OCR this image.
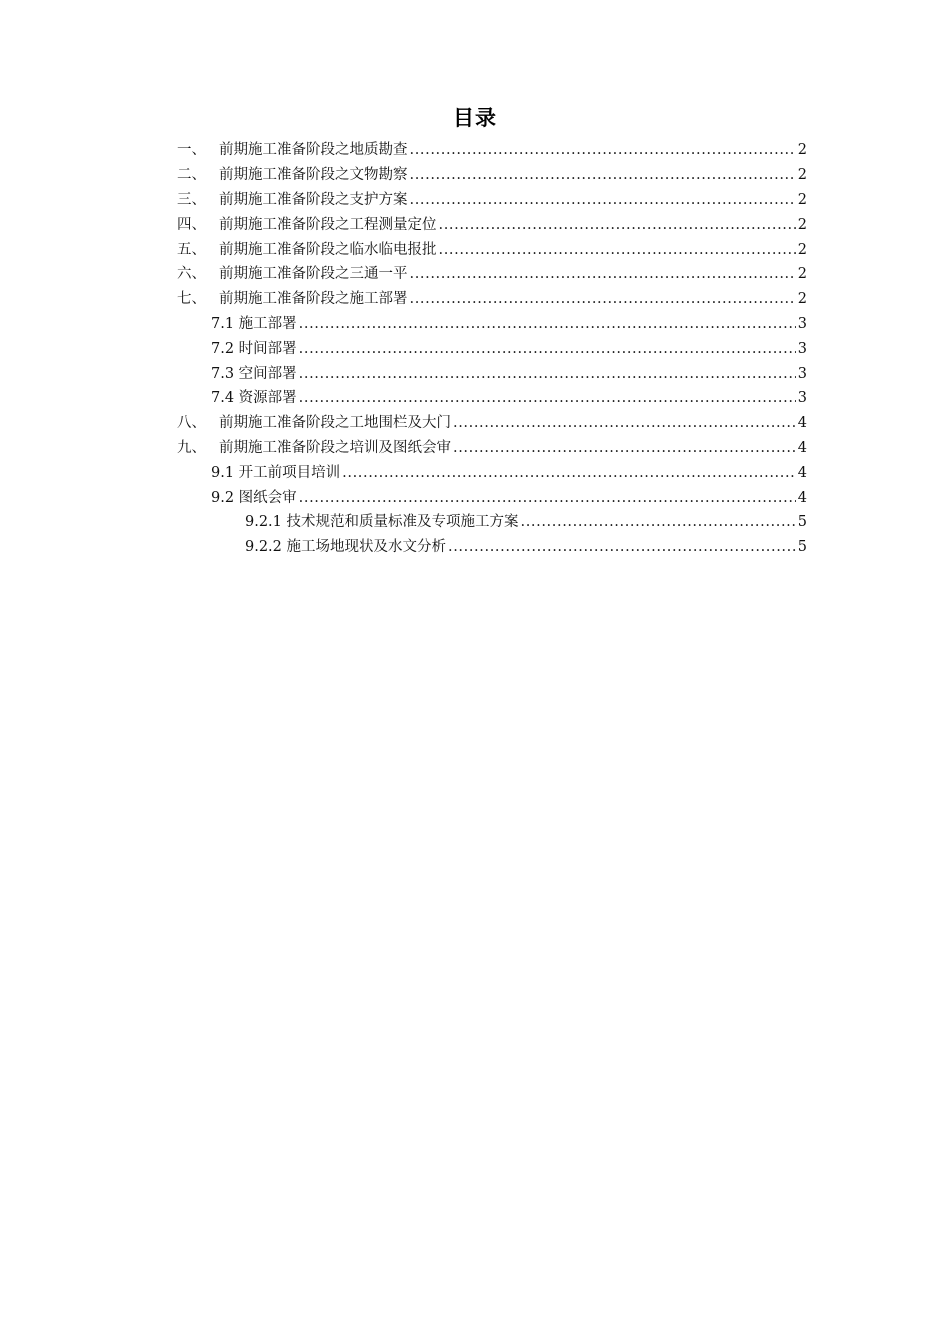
目录
一、 前期施工准备阶段之地质勘查 .....	2
二、 前期施工准备阶段之文物勘察 .....	2
三、 前期施工准备阶段之支护方案 .....	2
四、 前期施工准备阶段之工程测量定位 .....	2
五、 前期施工准备阶段之临水临电报批 .....	2
六、 前期施工准备阶段之三通一平 .....	2
七、 前期施工准备阶段之施工部署 .....	2
7.1 施工部署 .....	3
7.2 时间部署 .....	3
7.3 空间部署 .....	3
7.4 资源部署 .....	3
八、 前期施工准备阶段之工地围栏及大门 .....	4
九、 前期施工准备阶段之培训及图纸会审 .....	4
9.1 开工前项目培训 .....	4
9.2 图纸会审 .....	4
9.2.1 技术规范和质量标准及专项施工方案 .....	5
9.2.2 施工场地现状及水文分析 .....	5
